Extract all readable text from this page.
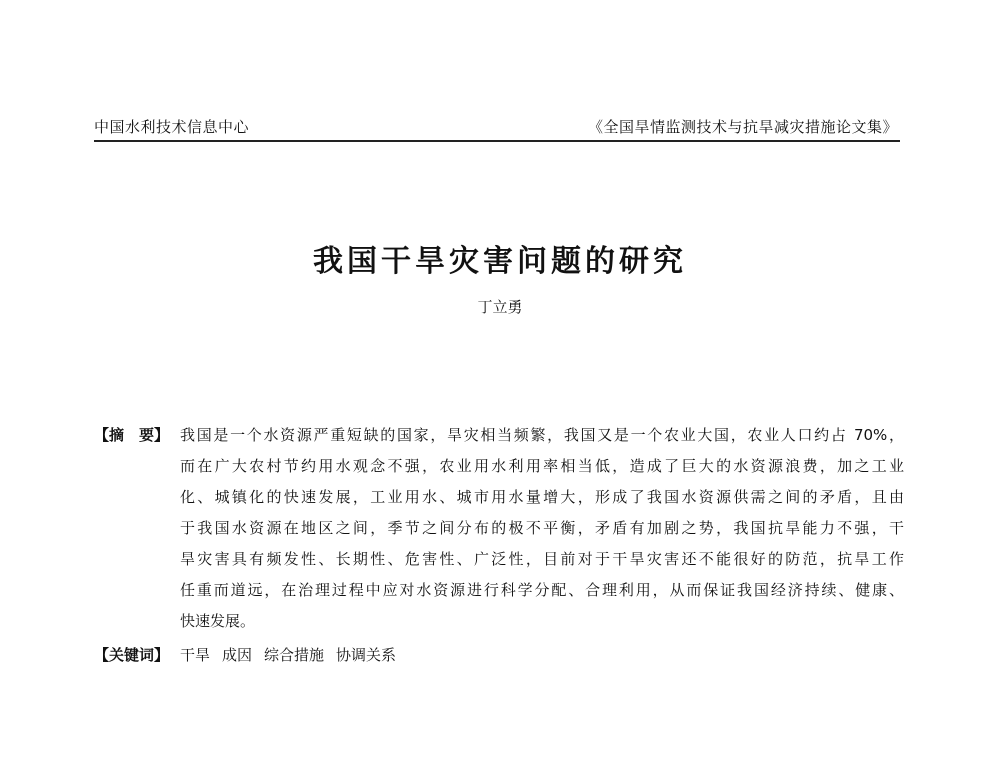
中国水利技术信息中心	《全国旱情监测技术与抗旱减灾措施论文集》
我国干旱灾害问题的研究
丁立勇
【摘　要】 我国是一个水资源严重短缺的国家，旱灾相当频繁，我国又是一个农业大国，农业人口约占 70%，
而在广大农村节约用水观念不强，农业用水利用率相当低，造成了巨大的水资源浪费，加之工业
化、城镇化的快速发展，工业用水、城市用水量增大，形成了我国水资源供需之间的矛盾，且由
于我国水资源在地区之间，季节之间分布的极不平衡，矛盾有加剧之势，我国抗旱能力不强，干
旱灾害具有频发性、长期性、危害性、广泛性，目前对于干旱灾害还不能很好的防范，抗旱工作
任重而道远，在治理过程中应对水资源进行科学分配、合理利用，从而保证我国经济持续、健康、
快速发展。
【关键词】 干旱 成因 综合措施 协调关系
